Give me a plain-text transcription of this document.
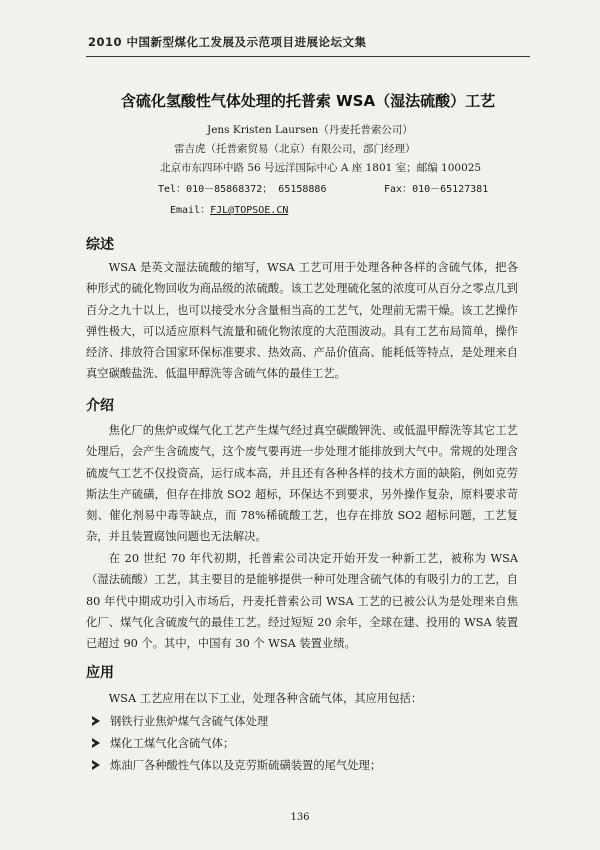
2010 中国新型煤化工发展及示范项目进展论坛文集
含硫化氢酸性气体处理的托普索 WSA（湿法硫酸）工艺
Jens Kristen Laursen（丹麦托普索公司）
雷吉虎（托普索贸易（北京）有限公司，部门经理）
北京市东四环中路 56 号远洋国际中心 A 座 1801 室；邮编 100025
Tel：010－85868372； 65158886	Fax：010－65127381
Email：FJL@TOPSOE.CN
综述

WSA 是英文湿法硫酸的缩写，WSA 工艺可用于处理各种各样的含硫气体，把各种形式的硫化物回收为商品级的浓硫酸。该工艺处理硫化氢的浓度可从百分之零点几到百分之九十以上，也可以接受水分含量相当高的工艺气，处理前无需干燥。该工艺操作弹性极大，可以适应原料气流量和硫化物浓度的大范围波动。具有工艺布局简单，操作经济、排放符合国家环保标准要求、热效高、产品价值高、能耗低等特点，是处理来自真空碳酸盐洗、低温甲醇洗等含硫气体的最佳工艺。

介绍

焦化厂的焦炉或煤气化工艺产生煤气经过真空碳酸钾洗、或低温甲醇洗等其它工艺处理后，会产生含硫废气，这个废气要再进一步处理才能排放到大气中。常规的处理含硫废气工艺不仅投资高，运行成本高，并且还有各种各样的技术方面的缺陷，例如克劳斯法生产硫磺，但存在排放 SO2 超标，环保达不到要求，另外操作复杂，原料要求苛刻、催化剂易中毒等缺点，而 78%稀硫酸工艺，也存在排放 SO2 超标问题，工艺复杂，并且装置腐蚀问题也无法解决。

在 20 世纪 70 年代初期，托普索公司决定开始开发一种新工艺，被称为 WSA（湿法硫酸）工艺，其主要目的是能够提供一种可处理含硫气体的有吸引力的工艺，自80 年代中期成功引入市场后，丹麦托普索公司 WSA 工艺的已被公认为是处理来自焦化厂、煤气化含硫废气的最佳工艺。经过短短 20 余年，全球在建、投用的 WSA 装置已超过 90 个。其中，中国有 30 个 WSA 装置业绩。

应用

WSA 工艺应用在以下工业，处理各种含硫气体，其应用包括：

钢铁行业焦炉煤气含硫气体处理
煤化工煤气化含硫气体；
炼油厂各种酸性气体以及克劳斯硫磺装置的尾气处理；
136
